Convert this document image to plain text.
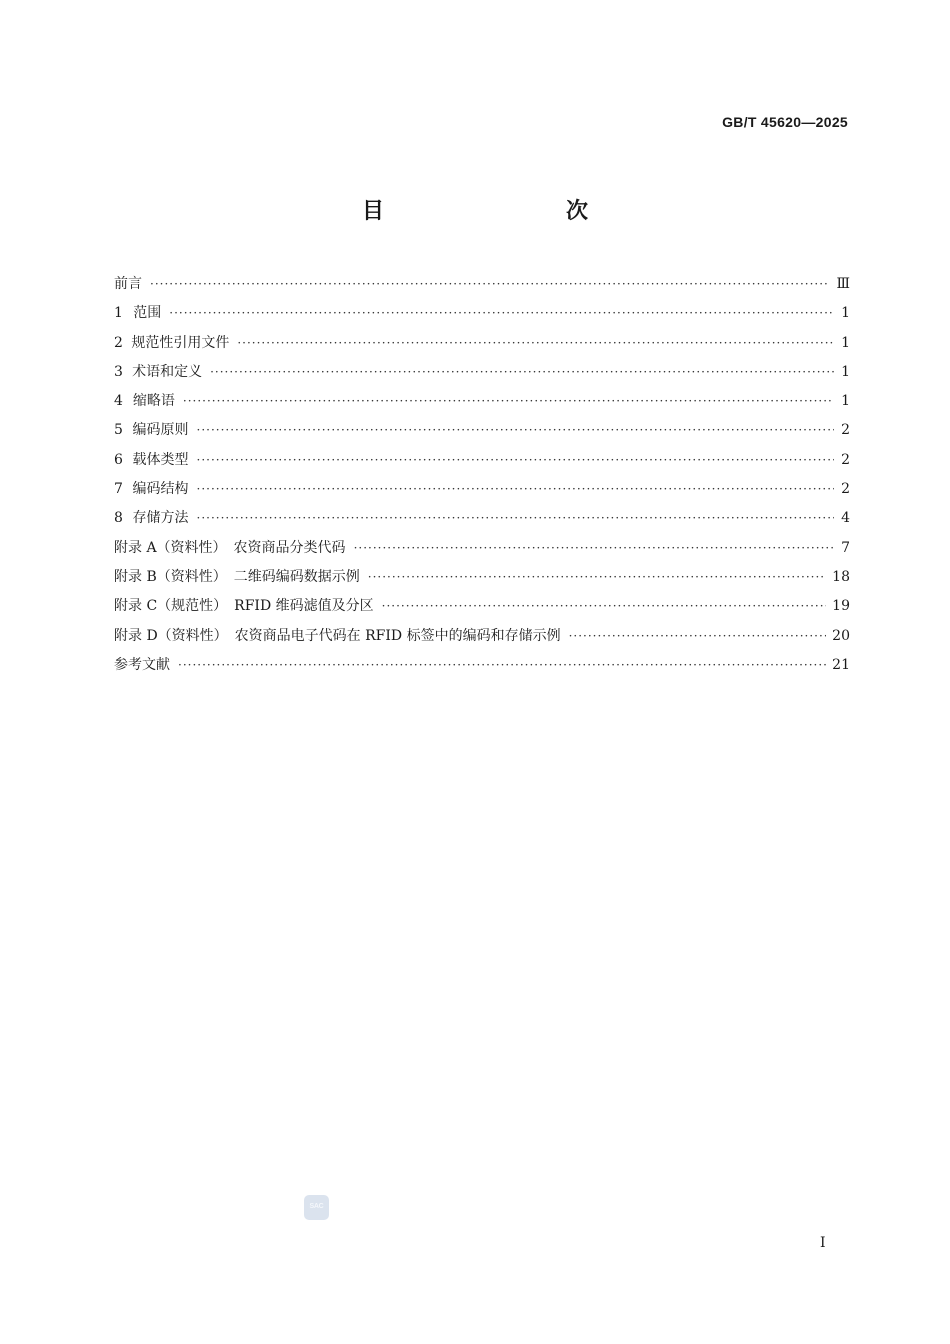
GB/T 45620—2025
目　　次
前言 ·····	Ⅲ
1 范围 ·····	1
2 规范性引用文件 ·····	1
3 术语和定义 ·····	1
4 缩略语 ·····	1
5 编码原则 ·····	2
6 载体类型 ·····	2
7 编码结构 ·····	2
8 存储方法 ·····	4
附录 A（资料性）　农资商品分类代码 ·····	7
附录 B（资料性）　二维码编码数据示例 ·····	18
附录 C（规范性）　RFID 维码滤值及分区 ·····	19
附录 D（资料性）　农资商品电子代码在 RFID 标签中的编码和存储示例 ·····	20
参考文献 ·····	21
SAC
I
